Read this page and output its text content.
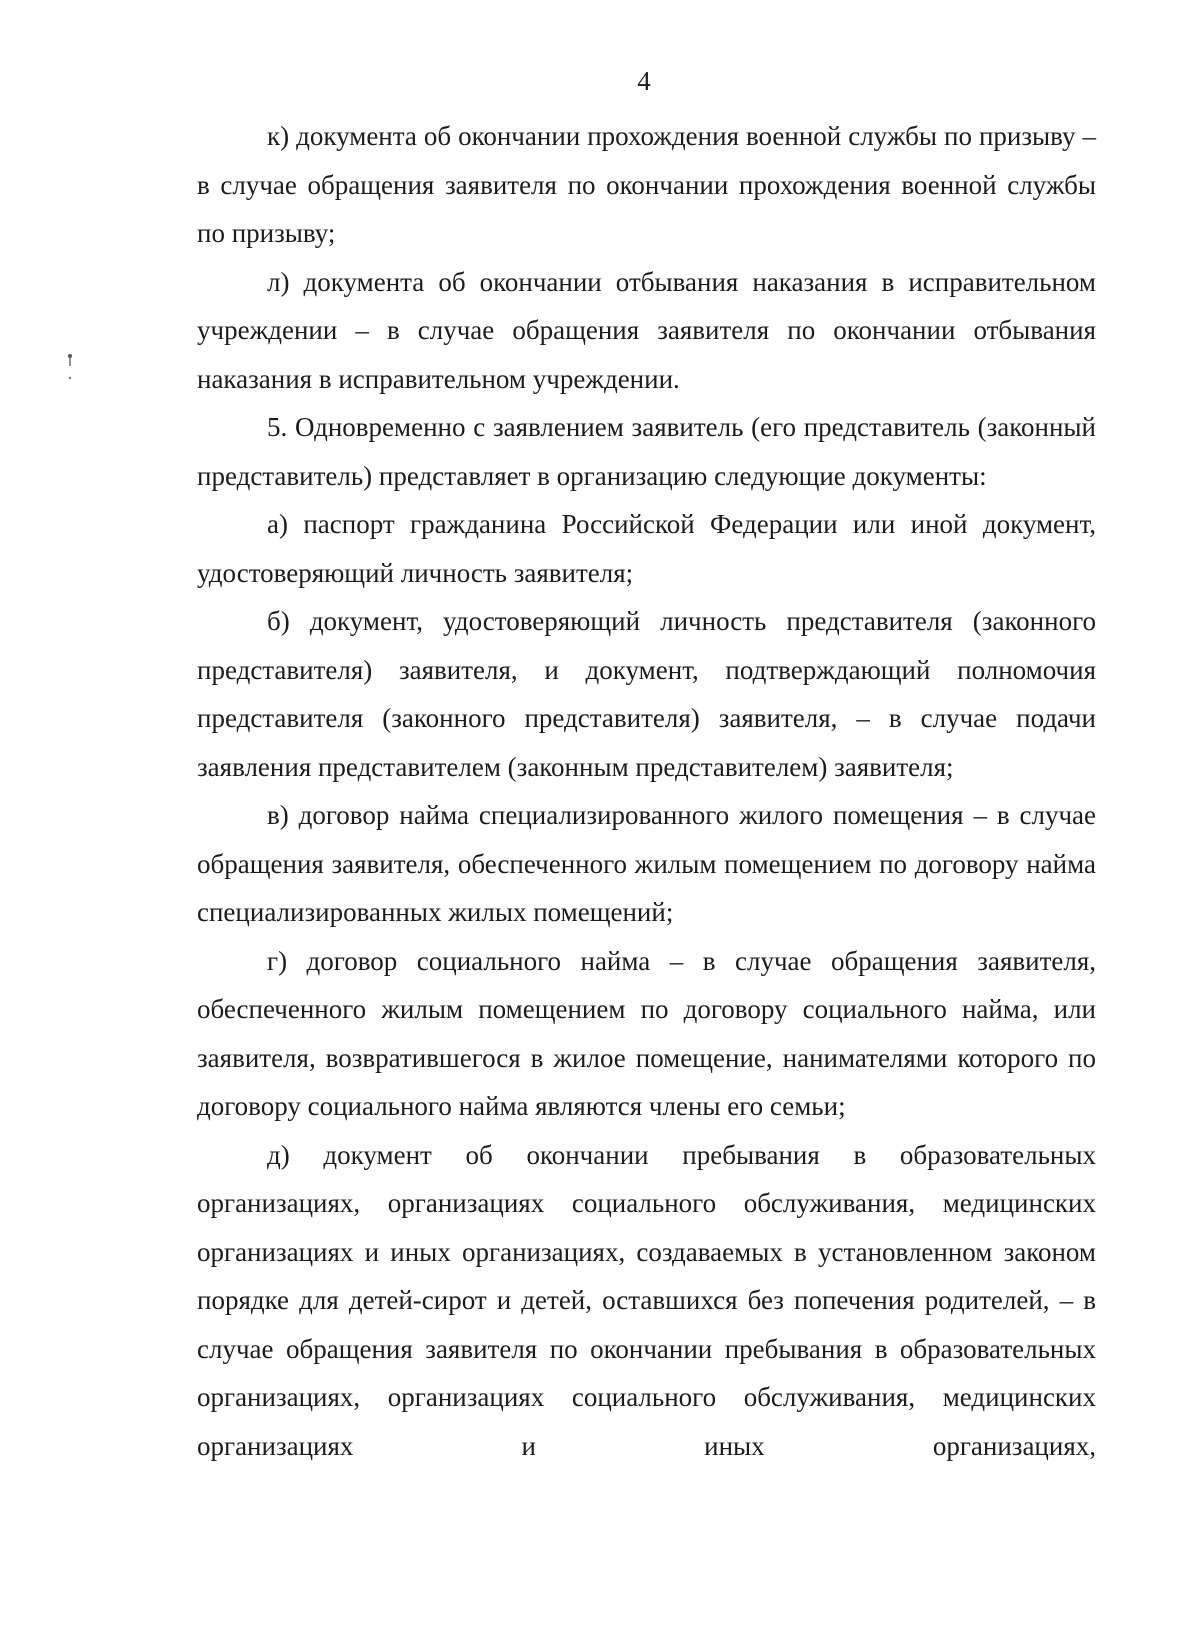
4

к) документа об окончании прохождения военной службы по призыву – в случае обращения заявителя по окончании прохождения военной службы по призыву;

л) документа об окончании отбывания наказания в исправительном учреждении – в случае обращения заявителя по окончании отбывания наказания в исправительном учреждении.

5. Одновременно с заявлением заявитель (его представитель (законный представитель) представляет в организацию следующие документы:

а) паспорт гражданина Российской Федерации или иной документ, удостоверяющий личность заявителя;

б) документ, удостоверяющий личность представителя (законного представителя) заявителя, и документ, подтверждающий полномочия представителя (законного представителя) заявителя, – в случае подачи заявления представителем (законным представителем) заявителя;

в) договор найма специализированного жилого помещения – в случае обращения заявителя, обеспеченного жилым помещением по договору найма специализированных жилых помещений;

г) договор социального найма – в случае обращения заявителя, обеспеченного жилым помещением по договору социального найма, или заявителя, возвратившегося в жилое помещение, нанимателями которого по договору социального найма являются члены его семьи;

д) документ об окончании пребывания в образовательных организациях, организациях социального обслуживания, медицинских организациях и иных организациях, создаваемых в установленном законом порядке для детей-сирот и детей, оставшихся без попечения родителей, – в случае обращения заявителя по окончании пребывания в образовательных организациях, организациях социального обслуживания, медицинских организациях и иных организациях,
